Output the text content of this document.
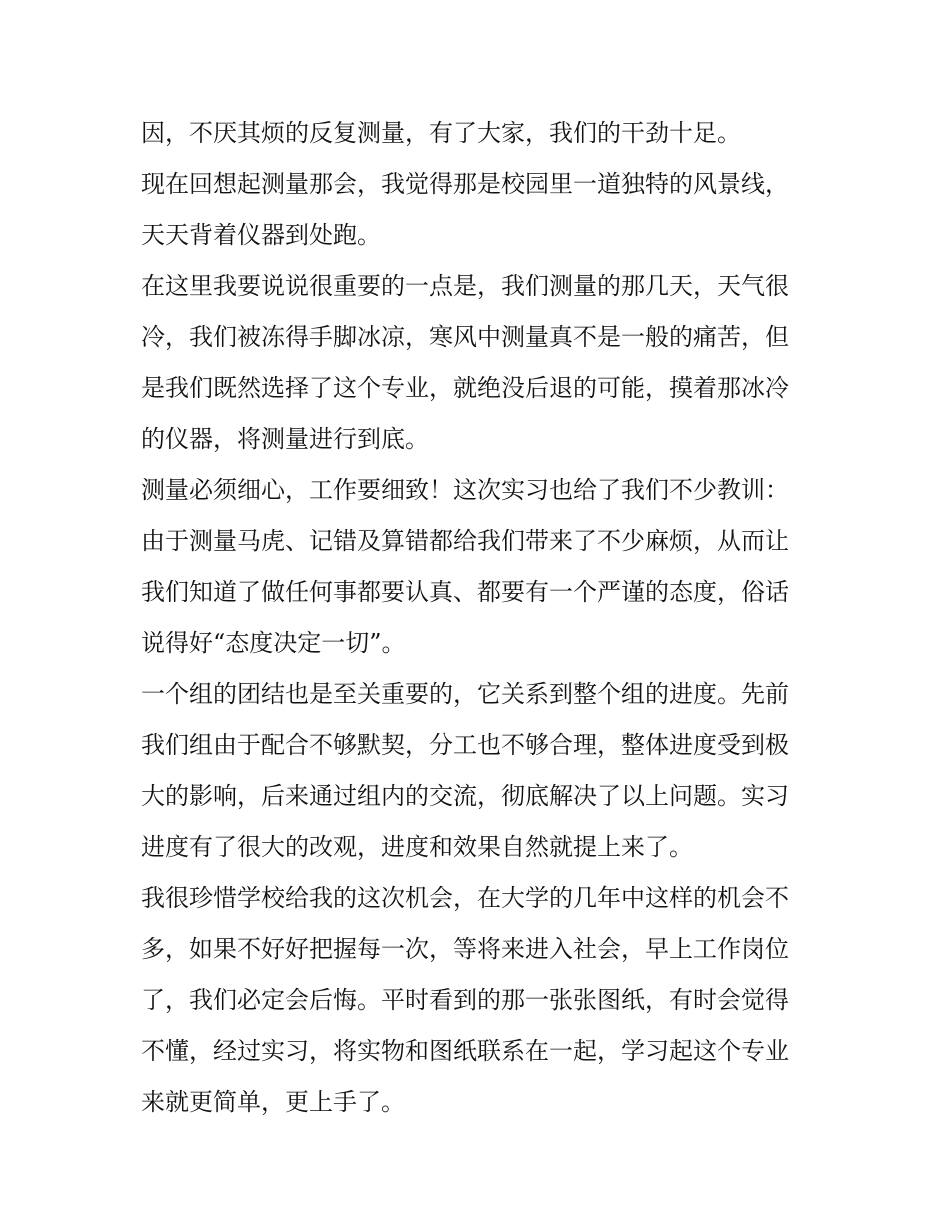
因，不厌其烦的反复测量，有了大家，我们的干劲十足。

现在回想起测量那会，我觉得那是校园里一道独特的风景线，

天天背着仪器到处跑。

在这里我要说说很重要的一点是，我们测量的那几天，天气很

冷，我们被冻得手脚冰凉，寒风中测量真不是一般的痛苦，但

是我们既然选择了这个专业，就绝没后退的可能，摸着那冰冷

的仪器，将测量进行到底。

测量必须细心，工作要细致！这次实习也给了我们不少教训：

由于测量马虎、记错及算错都给我们带来了不少麻烦，从而让

我们知道了做任何事都要认真、都要有一个严谨的态度，俗话

说得好“态度决定一切”。

一个组的团结也是至关重要的，它关系到整个组的进度。先前

我们组由于配合不够默契，分工也不够合理，整体进度受到极

大的影响，后来通过组内的交流，彻底解决了以上问题。实习

进度有了很大的改观，进度和效果自然就提上来了。

我很珍惜学校给我的这次机会，在大学的几年中这样的机会不

多，如果不好好把握每一次，等将来进入社会，早上工作岗位

了，我们必定会后悔。平时看到的那一张张图纸，有时会觉得

不懂，经过实习，将实物和图纸联系在一起，学习起这个专业

来就更简单，更上手了。
